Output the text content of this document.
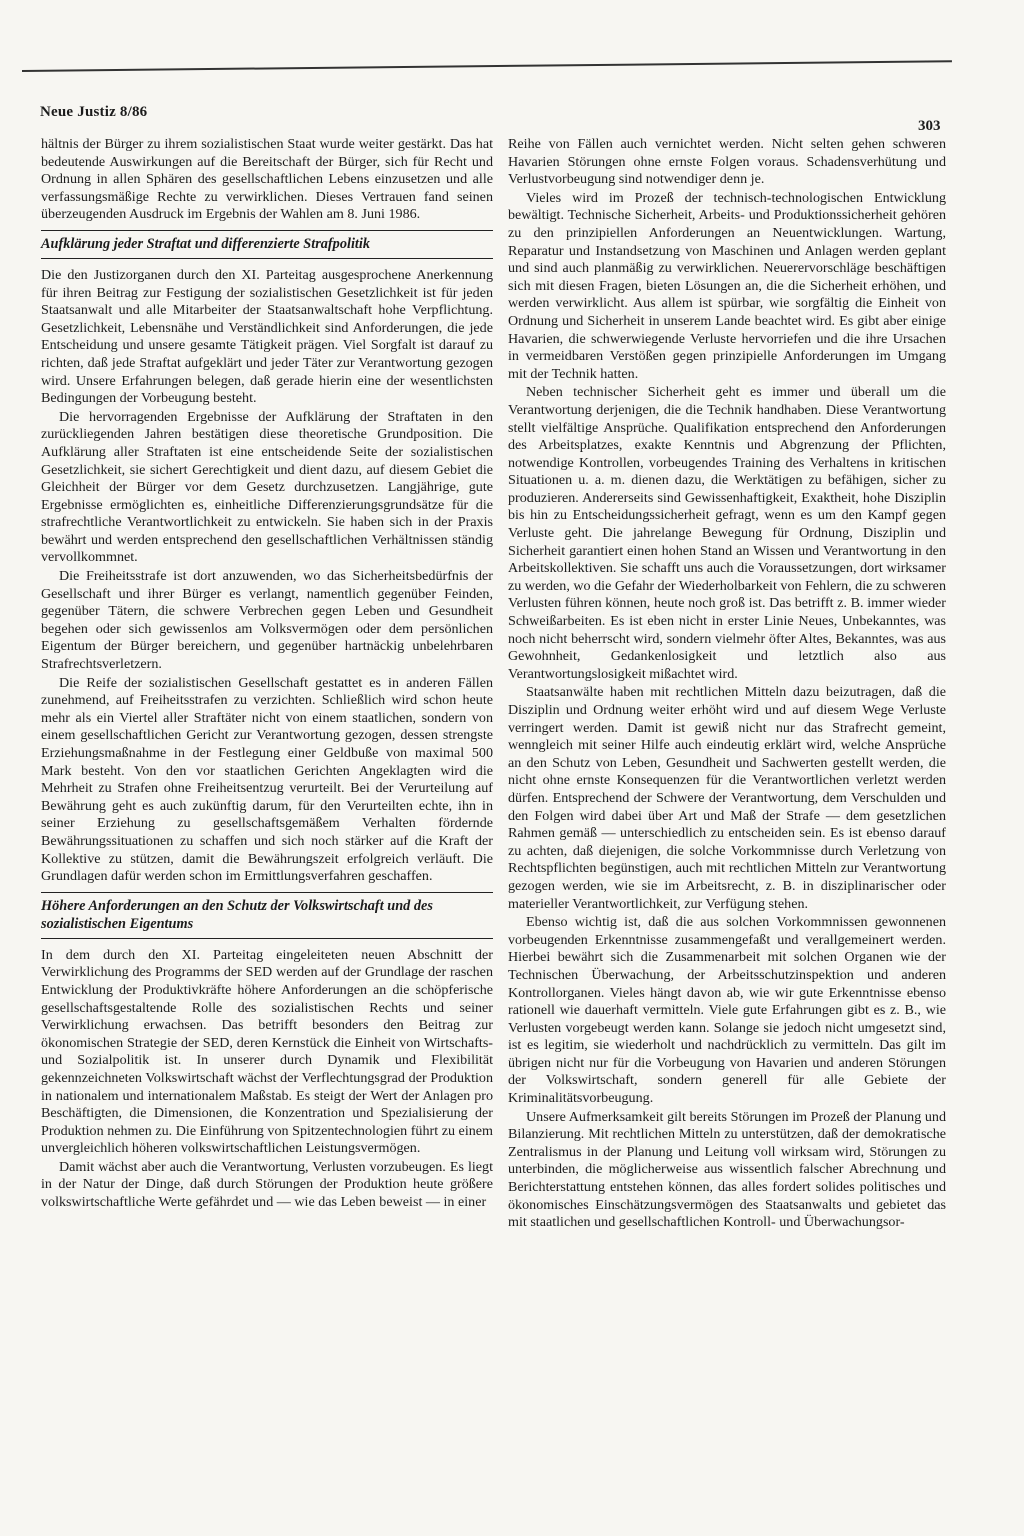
Neue Justiz 8/86
303

hältnis der Bürger zu ihrem sozialistischen Staat wurde weiter gestärkt. Das hat bedeutende Auswirkungen auf die Bereitschaft der Bürger, sich für Recht und Ordnung in allen Sphären des gesellschaftlichen Lebens einzusetzen und alle verfassungsmäßige Rechte zu verwirklichen. Dieses Vertrauen fand seinen überzeugenden Ausdruck im Ergebnis der Wahlen am 8. Juni 1986.

Aufklärung jeder Straftat und differenzierte Strafpolitik

Die den Justizorganen durch den XI. Parteitag ausgesprochene Anerkennung für ihren Beitrag zur Festigung der sozialistischen Gesetzlichkeit ist für jeden Staatsanwalt und alle Mitarbeiter der Staatsanwaltschaft hohe Verpflichtung. Gesetzlichkeit, Lebensnähe und Verständlichkeit sind Anforderungen, die jede Entscheidung und unsere gesamte Tätigkeit prägen. Viel Sorgfalt ist darauf zu richten, daß jede Straftat aufgeklärt und jeder Täter zur Verantwortung gezogen wird. Unsere Erfahrungen belegen, daß gerade hierin eine der wesentlichsten Bedingungen der Vorbeugung besteht.

Die hervorragenden Ergebnisse der Aufklärung der Straftaten in den zurückliegenden Jahren bestätigen diese theoretische Grundposition. Die Aufklärung aller Straftaten ist eine entscheidende Seite der sozialistischen Gesetzlichkeit, sie sichert Gerechtigkeit und dient dazu, auf diesem Gebiet die Gleichheit der Bürger vor dem Gesetz durchzusetzen. Langjährige, gute Ergebnisse ermöglichten es, einheitliche Differenzierungsgrundsätze für die strafrechtliche Verantwortlichkeit zu entwickeln. Sie haben sich in der Praxis bewährt und werden entsprechend den gesellschaftlichen Verhältnissen ständig vervollkommnet.

Die Freiheitsstrafe ist dort anzuwenden, wo das Sicherheitsbedürfnis der Gesellschaft und ihrer Bürger es verlangt, namentlich gegenüber Feinden, gegenüber Tätern, die schwere Verbrechen gegen Leben und Gesundheit begehen oder sich gewissenlos am Volksvermögen oder dem persönlichen Eigentum der Bürger bereichern, und gegenüber hartnäckig unbelehrbaren Strafrechtsverletzern.

Die Reife der sozialistischen Gesellschaft gestattet es in anderen Fällen zunehmend, auf Freiheitsstrafen zu verzichten. Schließlich wird schon heute mehr als ein Viertel aller Straftäter nicht von einem staatlichen, sondern von einem gesellschaftlichen Gericht zur Verantwortung gezogen, dessen strengste Erziehungsmaßnahme in der Festlegung einer Geldbuße von maximal 500 Mark besteht. Von den vor staatlichen Gerichten Angeklagten wird die Mehrheit zu Strafen ohne Freiheitsentzug verurteilt. Bei der Verurteilung auf Bewährung geht es auch zukünftig darum, für den Verurteilten echte, ihn in seiner Erziehung zu gesellschaftsgemäßem Verhalten fördernde Bewährungssituationen zu schaffen und sich noch stärker auf die Kraft der Kollektive zu stützen, damit die Bewährungszeit erfolgreich verläuft. Die Grundlagen dafür werden schon im Ermittlungsverfahren geschaffen.

Höhere Anforderungen an den Schutz der Volkswirtschaft und des sozialistischen Eigentums

In dem durch den XI. Parteitag eingeleiteten neuen Abschnitt der Verwirklichung des Programms der SED werden auf der Grundlage der raschen Entwicklung der Produktivkräfte höhere Anforderungen an die schöpferische gesellschaftsgestaltende Rolle des sozialistischen Rechts und seiner Verwirklichung erwachsen. Das betrifft besonders den Beitrag zur ökonomischen Strategie der SED, deren Kernstück die Einheit von Wirtschafts- und Sozialpolitik ist. In unserer durch Dynamik und Flexibilität gekennzeichneten Volkswirtschaft wächst der Verflechtungsgrad der Produktion in nationalem und internationalem Maßstab. Es steigt der Wert der Anlagen pro Beschäftigten, die Dimensionen, die Konzentration und Spezialisierung der Produktion nehmen zu. Die Einführung von Spitzentechnologien führt zu einem unvergleichlich höheren volkswirtschaftlichen Leistungsvermögen.

Damit wächst aber auch die Verantwortung, Verlusten vorzubeugen. Es liegt in der Natur der Dinge, daß durch Störungen der Produktion heute größere volkswirtschaftliche Werte gefährdet und — wie das Leben beweist — in einer

Reihe von Fällen auch vernichtet werden. Nicht selten gehen schweren Havarien Störungen ohne ernste Folgen voraus. Schadensverhütung und Verlustvorbeugung sind notwendiger denn je.

Vieles wird im Prozeß der technisch-technologischen Entwicklung bewältigt. Technische Sicherheit, Arbeits- und Produktionssicherheit gehören zu den prinzipiellen Anforderungen an Neuentwicklungen. Wartung, Reparatur und Instandsetzung von Maschinen und Anlagen werden geplant und sind auch planmäßig zu verwirklichen. Neuerervorschläge beschäftigen sich mit diesen Fragen, bieten Lösungen an, die die Sicherheit erhöhen, und werden verwirklicht. Aus allem ist spürbar, wie sorgfältig die Einheit von Ordnung und Sicherheit in unserem Lande beachtet wird. Es gibt aber einige Havarien, die schwerwiegende Verluste hervorriefen und die ihre Ursachen in vermeidbaren Verstößen gegen prinzipielle Anforderungen im Umgang mit der Technik hatten.

Neben technischer Sicherheit geht es immer und überall um die Verantwortung derjenigen, die die Technik handhaben. Diese Verantwortung stellt vielfältige Ansprüche. Qualifikation entsprechend den Anforderungen des Arbeitsplatzes, exakte Kenntnis und Abgrenzung der Pflichten, notwendige Kontrollen, vorbeugendes Training des Verhaltens in kritischen Situationen u. a. m. dienen dazu, die Werktätigen zu befähigen, sicher zu produzieren. Andererseits sind Gewissenhaftigkeit, Exaktheit, hohe Disziplin bis hin zu Entscheidungssicherheit gefragt, wenn es um den Kampf gegen Verluste geht. Die jahrelange Bewegung für Ordnung, Disziplin und Sicherheit garantiert einen hohen Stand an Wissen und Verantwortung in den Arbeitskollektiven. Sie schafft uns auch die Voraussetzungen, dort wirksamer zu werden, wo die Gefahr der Wiederholbarkeit von Fehlern, die zu schweren Verlusten führen können, heute noch groß ist. Das betrifft z. B. immer wieder Schweißarbeiten. Es ist eben nicht in erster Linie Neues, Unbekanntes, was noch nicht beherrscht wird, sondern vielmehr öfter Altes, Bekanntes, was aus Gewohnheit, Gedankenlosigkeit und letztlich also aus Verantwortungslosigkeit mißachtet wird.

Staatsanwälte haben mit rechtlichen Mitteln dazu beizutragen, daß die Disziplin und Ordnung weiter erhöht wird und auf diesem Wege Verluste verringert werden. Damit ist gewiß nicht nur das Strafrecht gemeint, wenngleich mit seiner Hilfe auch eindeutig erklärt wird, welche Ansprüche an den Schutz von Leben, Gesundheit und Sachwerten gestellt werden, die nicht ohne ernste Konsequenzen für die Verantwortlichen verletzt werden dürfen. Entsprechend der Schwere der Verantwortung, dem Verschulden und den Folgen wird dabei über Art und Maß der Strafe — dem gesetzlichen Rahmen gemäß — unterschiedlich zu entscheiden sein. Es ist ebenso darauf zu achten, daß diejenigen, die solche Vorkommnisse durch Verletzung von Rechtspflichten begünstigen, auch mit rechtlichen Mitteln zur Verantwortung gezogen werden, wie sie im Arbeitsrecht, z. B. in disziplinarischer oder materieller Verantwortlichkeit, zur Verfügung stehen.

Ebenso wichtig ist, daß die aus solchen Vorkommnissen gewonnenen vorbeugenden Erkenntnisse zusammengefaßt und verallgemeinert werden. Hierbei bewährt sich die Zusammenarbeit mit solchen Organen wie der Technischen Überwachung, der Arbeitsschutzinspektion und anderen Kontrollorganen. Vieles hängt davon ab, wie wir gute Erkenntnisse ebenso rationell wie dauerhaft vermitteln. Viele gute Erfahrungen gibt es z. B., wie Verlusten vorgebeugt werden kann. Solange sie jedoch nicht umgesetzt sind, ist es legitim, sie wiederholt und nachdrücklich zu vermitteln. Das gilt im übrigen nicht nur für die Vorbeugung von Havarien und anderen Störungen der Volkswirtschaft, sondern generell für alle Gebiete der Kriminalitätsvorbeugung.

Unsere Aufmerksamkeit gilt bereits Störungen im Prozeß der Planung und Bilanzierung. Mit rechtlichen Mitteln zu unterstützen, daß der demokratische Zentralismus in der Planung und Leitung voll wirksam wird, Störungen zu unterbinden, die möglicherweise aus wissentlich falscher Abrechnung und Berichterstattung entstehen können, das alles fordert solides politisches und ökonomisches Einschätzungsvermögen des Staatsanwalts und gebietet das mit staatlichen und gesellschaftlichen Kontroll- und Überwachungsor-
